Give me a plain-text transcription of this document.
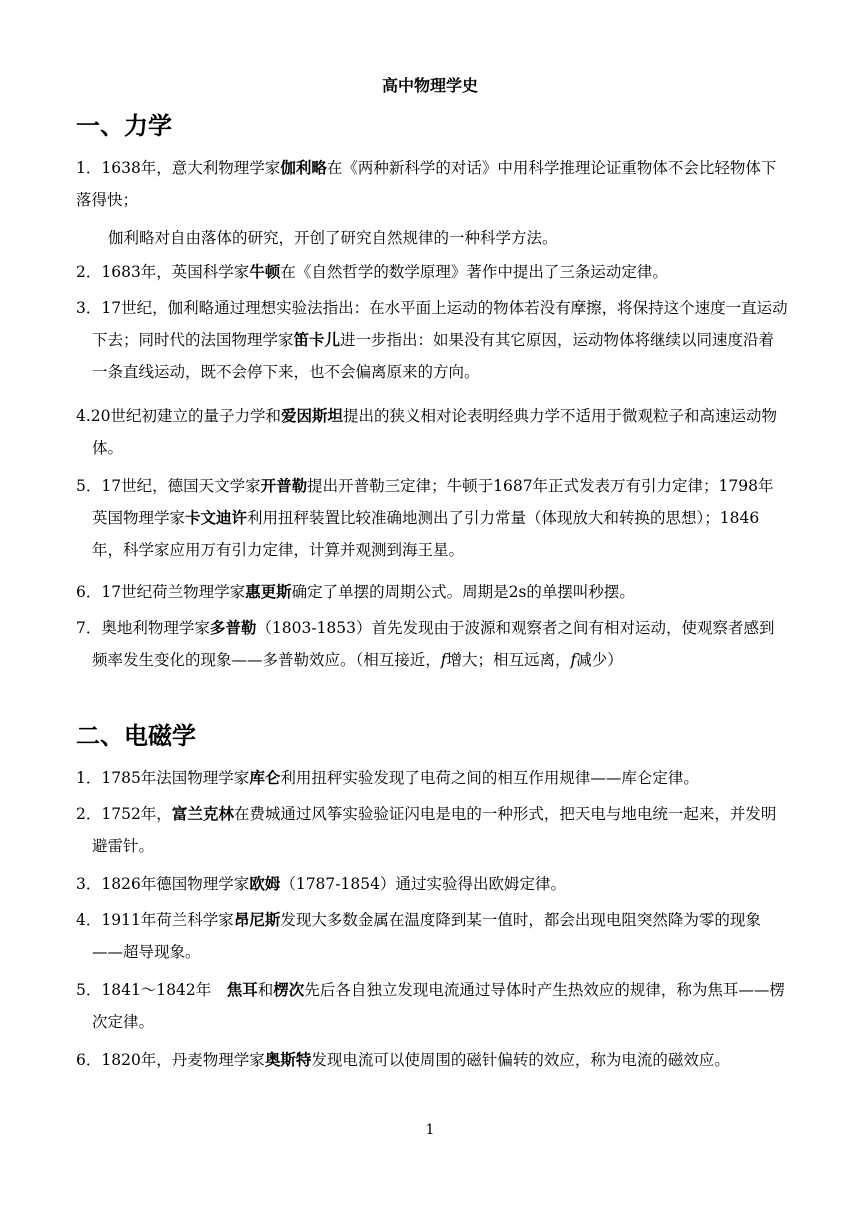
高中物理学史
一、力学
1．1638年，意大利物理学家伽利略在《两种新科学的对话》中用科学推理论证重物体不会比轻物体下落得快；
伽利略对自由落体的研究，开创了研究自然规律的一种科学方法。
2．1683年，英国科学家牛顿在《自然哲学的数学原理》著作中提出了三条运动定律。
3．17世纪，伽利略通过理想实验法指出：在水平面上运动的物体若没有摩擦，将保持这个速度一直运动下去；同时代的法国物理学家笛卡儿进一步指出：如果没有其它原因，运动物体将继续以同速度沿着一条直线运动，既不会停下来，也不会偏离原来的方向。
4.20世纪初建立的量子力学和爱因斯坦提出的狭义相对论表明经典力学不适用于微观粒子和高速运动物体。
5．17世纪，德国天文学家开普勒提出开普勒三定律；牛顿于1687年正式发表万有引力定律；1798年英国物理学家卡文迪许利用扭秤装置比较准确地测出了引力常量（体现放大和转换的思想）；1846年，科学家应用万有引力定律，计算并观测到海王星。
6．17世纪荷兰物理学家惠更斯确定了单摆的周期公式。周期是2s的单摆叫秒摆。
7．奥地利物理学家多普勒（1803-1853）首先发现由于波源和观察者之间有相对运动，使观察者感到频率发生变化的现象——多普勒效应。（相互接近，f增大；相互远离，f减少）
二、电磁学
1．1785年法国物理学家库仑利用扭秤实验发现了电荷之间的相互作用规律——库仑定律。
2．1752年，富兰克林在费城通过风筝实验验证闪电是电的一种形式，把天电与地电统一起来，并发明避雷针。
3．1826年德国物理学家欧姆（1787-1854）通过实验得出欧姆定律。
4．1911年荷兰科学家昂尼斯发现大多数金属在温度降到某一值时，都会出现电阻突然降为零的现象——超导现象。
5．1841～1842年　焦耳和楞次先后各自独立发现电流通过导体时产生热效应的规律，称为焦耳——楞次定律。
6．1820年，丹麦物理学家奥斯特发现电流可以使周围的磁针偏转的效应，称为电流的磁效应。
1
